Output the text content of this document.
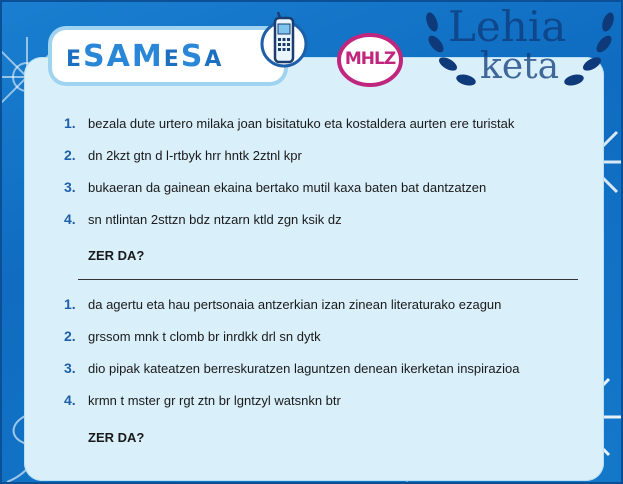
ESAMESA	MHLZ
Lehia
keta
1. bezala dute urtero milaka joan bisitatuko eta kostaldera aurten ere turistak
2. dn 2kzt gtn d l-rtbyk hrr hntk 2ztnl kpr
3. bukaeran da gainean ekaina bertako mutil kaxa baten bat dantzatzen
4. sn ntlintan 2sttzn bdz ntzarn ktld zgn ksik dz
ZER DA?
1. da agertu eta hau pertsonaia antzerkian izan zinean literaturako ezagun
2. grssom mnk t clomb br inrdkk drl sn dytk
3. dio pipak kateatzen berreskuratzen laguntzen denean ikerketan inspirazioa
4. krmn t mster gr rgt ztn br lgntzyl watsnkn btr
ZER DA?
